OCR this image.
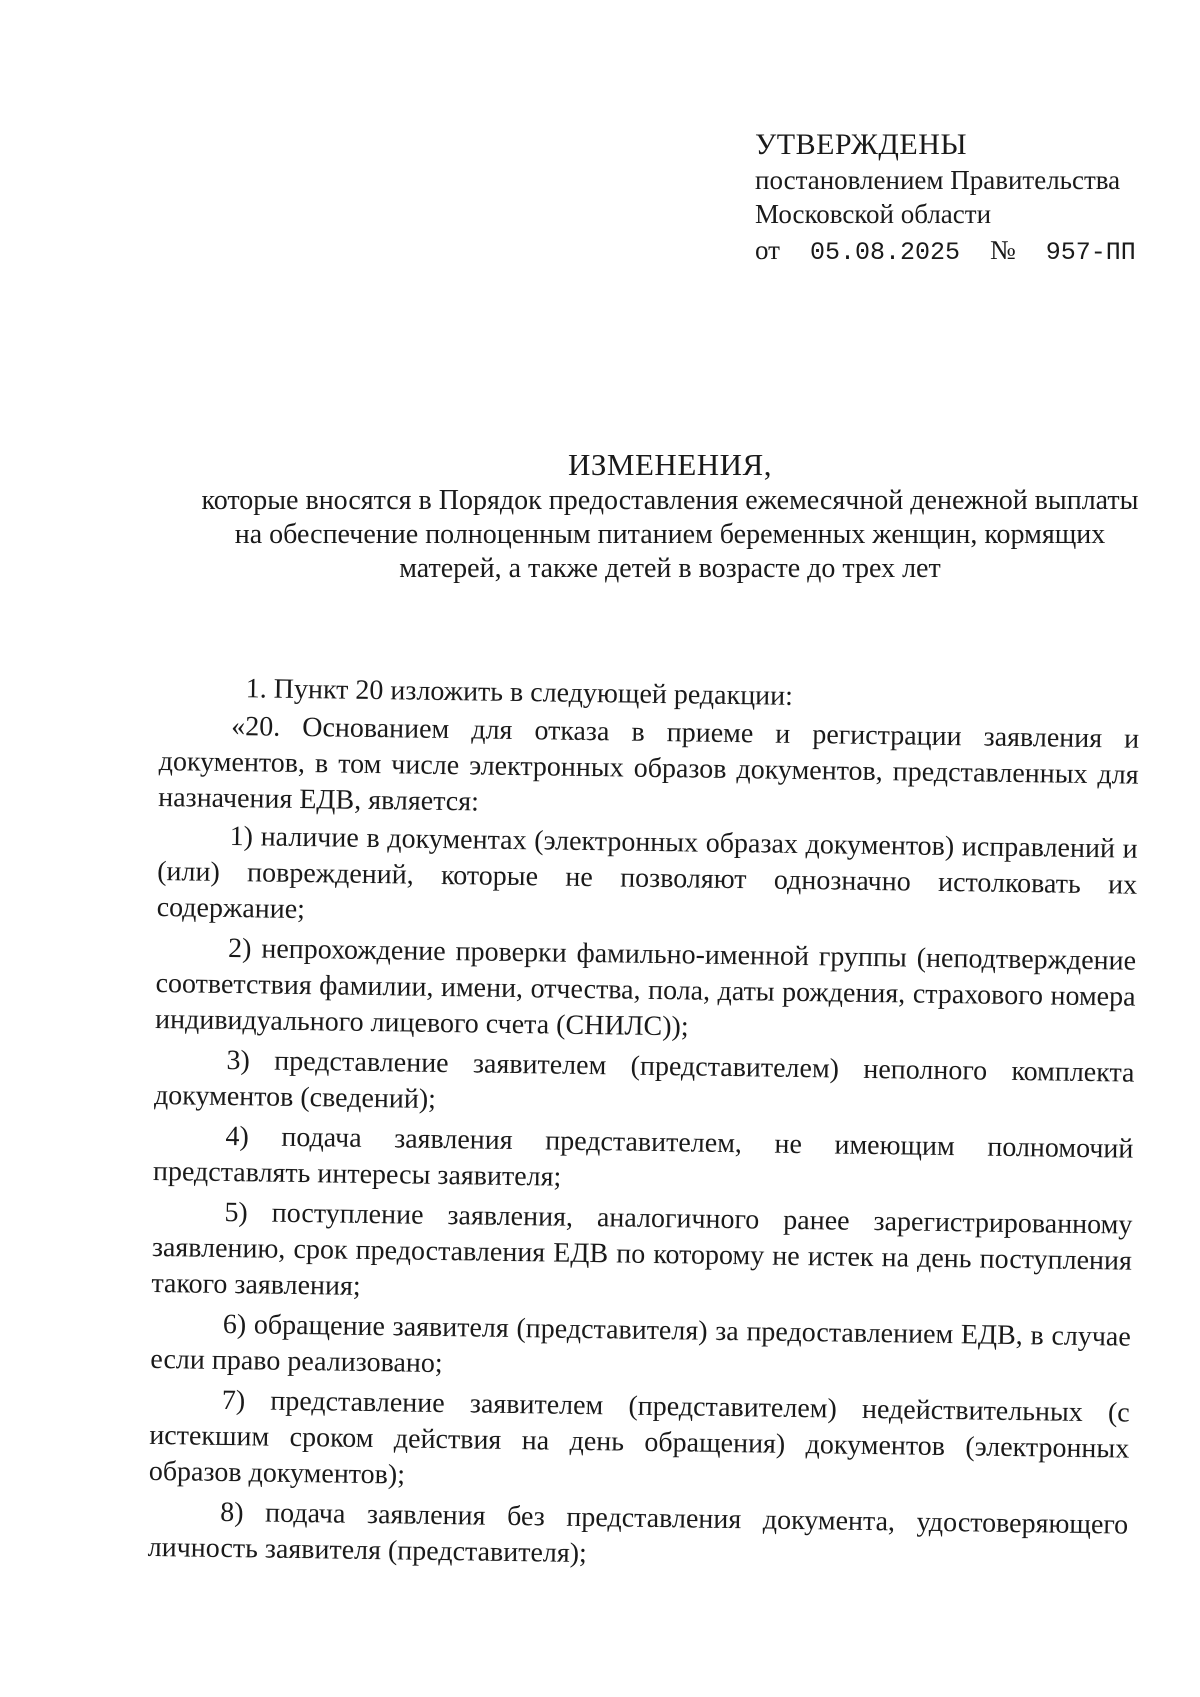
УТВЕРЖДЕНЫ
постановлением Правительства
Московской области
от 05.08.2025 № 957-ПП
ИЗМЕНЕНИЯ,
которые вносятся в Порядок предоставления ежемесячной денежной выплаты на обеспечение полноценным питанием беременных женщин, кормящих матерей, а также детей в возрасте до трех лет

1. Пункт 20 изложить в следующей редакции:

«20. Основанием для отказа в приеме и регистрации заявления и документов, в том числе электронных образов документов, представленных для назначения ЕДВ, является:

1) наличие в документах (электронных образах документов) исправлений и (или) повреждений, которые не позволяют однозначно истолковать их содержание;

2) непрохождение проверки фамильно-именной группы (неподтверждение соответствия фамилии, имени, отчества, пола, даты рождения, страхового номера индивидуального лицевого счета (СНИЛС));

3) представление заявителем (представителем) неполного комплекта документов (сведений);

4) подача заявления представителем, не имеющим полномочий представлять интересы заявителя;

5) поступление заявления, аналогичного ранее зарегистрированному заявлению, срок предоставления ЕДВ по которому не истек на день поступления такого заявления;

6) обращение заявителя (представителя) за предоставлением ЕДВ, в случае если право реализовано;

7) представление заявителем (представителем) недействительных (с истекшим сроком действия на день обращения) документов (электронных образов документов);

8) подача заявления без представления документа, удостоверяющего личность заявителя (представителя);
